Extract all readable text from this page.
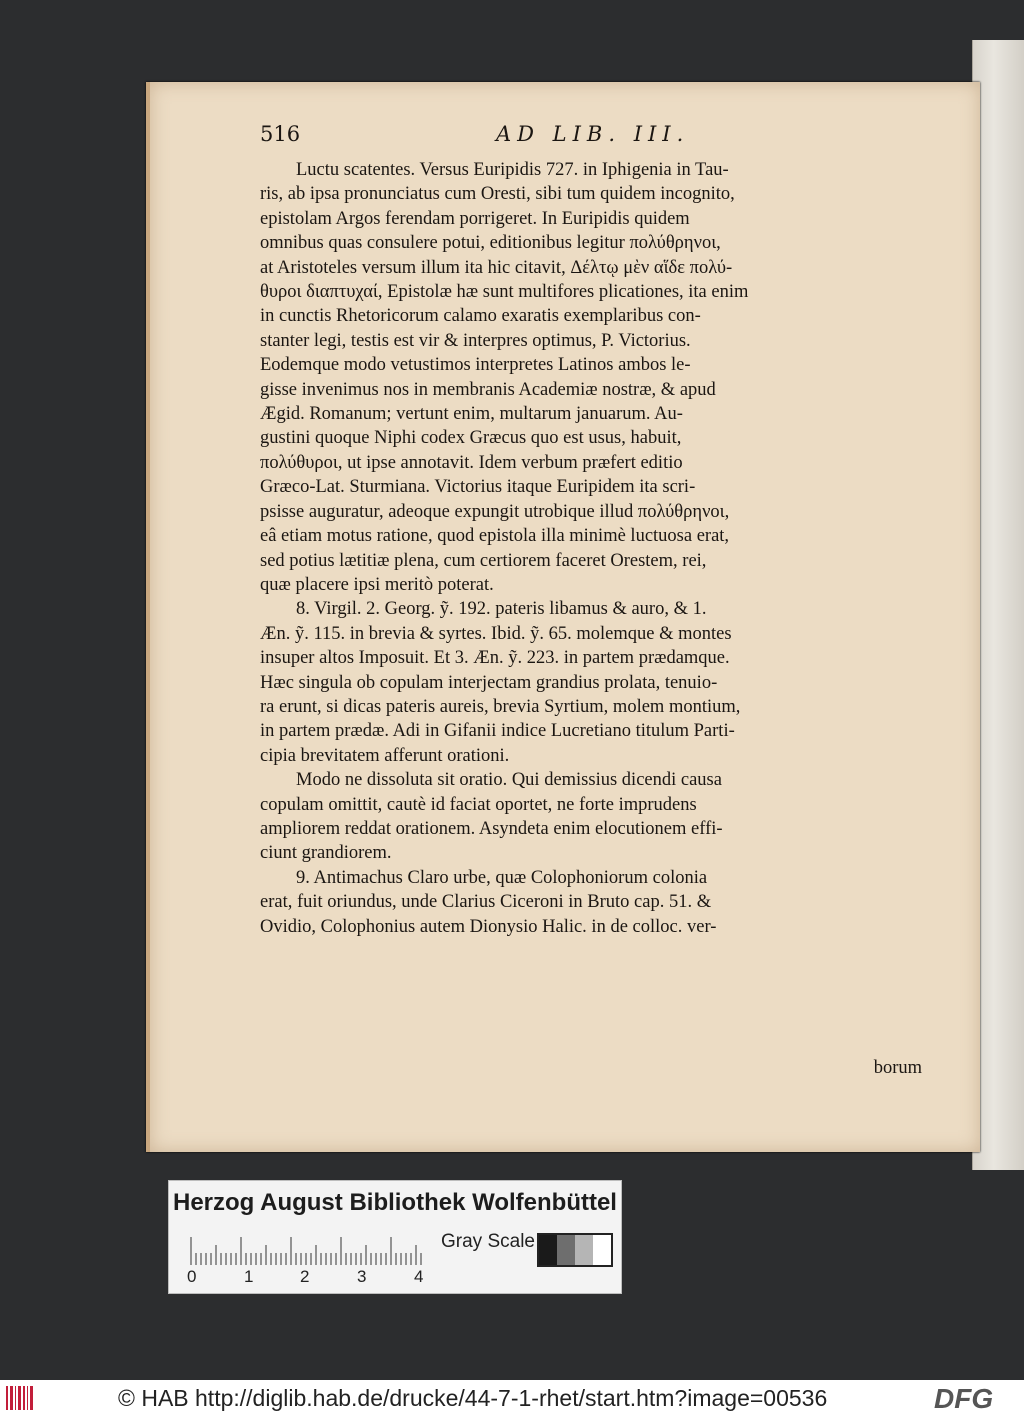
516	AD LIB. III.
Luctu scatentes. Versus Euripidis 727. in Iphigenia in Tau-
ris, ab ipsa pronunciatus cum Oresti, sibi tum quidem incognito,
epistolam Argos ferendam porrigeret. In Euripidis quidem
omnibus quas consulere potui, editionibus legitur πολύθρηνοι,
at Aristoteles versum illum ita hic citavit, Δέλτῳ μὲν αἵδε πολύ-
θυροι διαπτυχαί, Epistolæ hæ sunt multifores plicationes, ita enim
in cunctis Rhetoricorum calamo exaratis exemplaribus con-
stanter legi, testis est vir & interpres optimus, P. Victorius.
Eodemque modo vetustimos interpretes Latinos ambos le-
gisse invenimus nos in membranis Academiæ nostræ, & apud
Ægid. Romanum; vertunt enim, multarum januarum. Au-
gustini quoque Niphi codex Græcus quo est usus, habuit,
πολύθυροι, ut ipse annotavit. Idem verbum præfert editio
Græco-Lat. Sturmiana. Victorius itaque Euripidem ita scri-
psisse auguratur, adeoque expungit utrobique illud πολύθρηνοι,
eâ etiam motus ratione, quod epistola illa minimè luctuosa erat,
sed potius lætitiæ plena, cum certiorem faceret Orestem, rei,
quæ placere ipsi meritò poterat.
8. Virgil. 2. Georg. ỹ. 192. pateris libamus & auro, & 1.
Æn. ỹ. 115. in brevia & syrtes. Ibid. ỹ. 65. molemque & montes
insuper altos Imposuit. Et 3. Æn. ỹ. 223. in partem prædamque.
Hæc singula ob copulam interjectam grandius prolata, tenuio-
ra erunt, si dicas pateris aureis, brevia Syrtium, molem montium,
in partem prædæ. Adi in Gifanii indice Lucretiano titulum Parti-
cipia brevitatem afferunt orationi.
Modo ne dissoluta sit oratio. Qui demissius dicendi causa
copulam omittit, cautè id faciat oportet, ne forte imprudens
ampliorem reddat orationem. Asyndeta enim elocutionem effi-
ciunt grandiorem.
9. Antimachus Claro urbe, quæ Colophoniorum colonia
erat, fuit oriundus, unde Clarius Ciceroni in Bruto cap. 51. &
Ovidio, Colophonius autem Dionysio Halic. in de colloc. ver-
borum
Herzog August Bibliothek Wolfenbüttel
0	1	2	3	4
Gray Scale
© HAB http://diglib.hab.de/drucke/44-7-1-rhet/start.htm?image=00536	DFG
